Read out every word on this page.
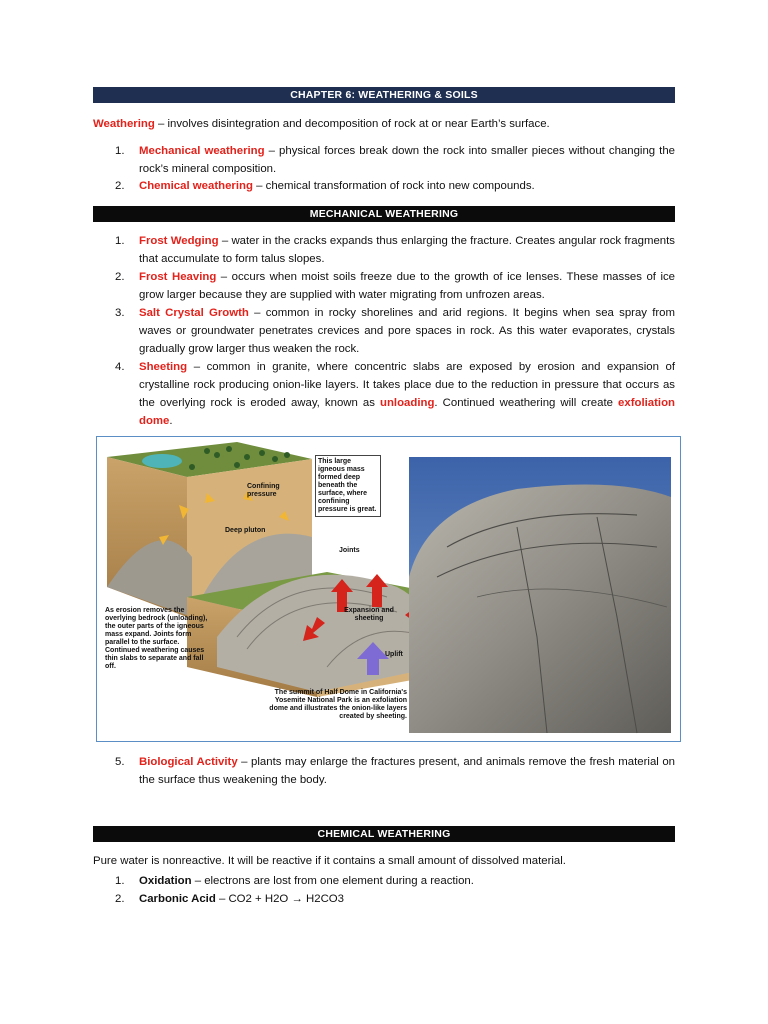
CHAPTER 6: WEATHERING & SOILS
Weathering – involves disintegration and decomposition of rock at or near Earth’s surface.
1. Mechanical weathering – physical forces break down the rock into smaller pieces without changing the rock’s mineral composition.
2. Chemical weathering – chemical transformation of rock into new compounds.
MECHANICAL WEATHERING
1. Frost Wedging – water in the cracks expands thus enlarging the fracture. Creates angular rock fragments that accumulate to form talus slopes.
2. Frost Heaving – occurs when moist soils freeze due to the growth of ice lenses. These masses of ice grow larger because they are supplied with water migrating from unfrozen areas.
3. Salt Crystal Growth – common in rocky shorelines and arid regions. It begins when sea spray from waves or groundwater penetrates crevices and pore spaces in rock. As this water evaporates, crystals gradually grow larger thus weaken the rock.
4. Sheeting – common in granite, where concentric slabs are exposed by erosion and expansion of crystalline rock producing onion-like layers. It takes place due to the reduction in pressure that occurs as the overlying rock is eroded away, known as unloading. Continued weathering will create exfoliation dome.
Confining pressure
Deep pluton
This large igneous mass formed deep beneath the surface, where confining pressure is great.
Joints
Expansion and sheeting
Uplift
As erosion removes the overlying bedrock (unloading), the outer parts of the igneous mass expand. Joints form parallel to the surface. Continued weathering causes thin slabs to separate and fall off.
The summit of Half Dome in California's Yosemite National Park is an exfoliation dome and illustrates the onion-like layers created by sheeting.
5. Biological Activity – plants may enlarge the fractures present, and animals remove the fresh material on the surface thus weakening the body.
CHEMICAL WEATHERING
Pure water is nonreactive. It will be reactive if it contains a small amount of dissolved material.
1. Oxidation – electrons are lost from one element during a reaction.
2. Carbonic Acid – CO2 + H2O → H2CO3
